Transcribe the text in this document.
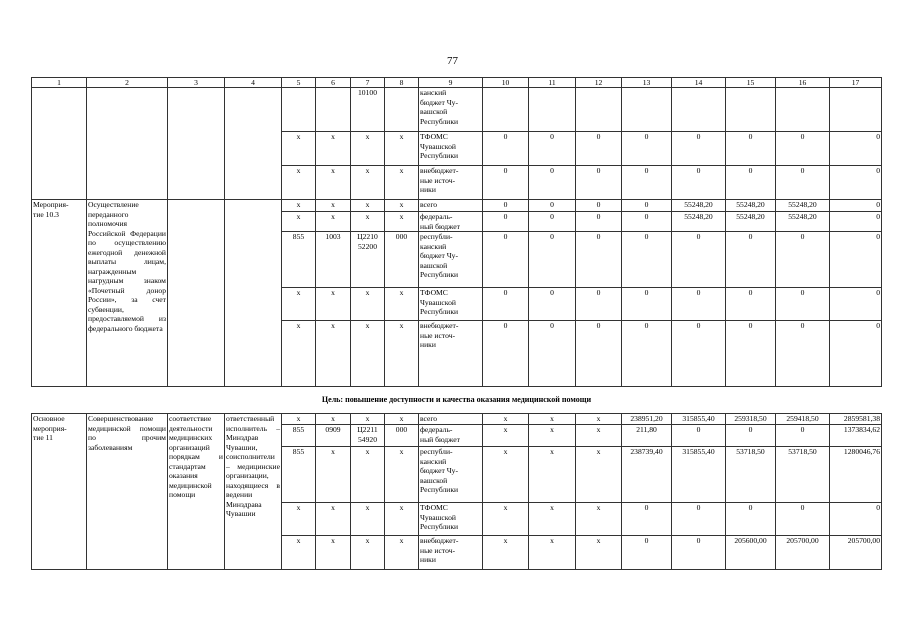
77
1	2	3	4	5	6	7	8	9	10	11	12	13	14	15	16	17
						10100		канский
бюджет Чу-
вашской
Республики								
				x	x	x	x	ТФОМС
Чувашской
Республики	0	0	0	0	0	0	0	0
				x	x	x	x	внебюджет-
ные источ-
ники	0	0	0	0	0	0	0	0
Мероприя-
тие 10.3	Осуществление переданного полномочия Российской Федерации по осуществлению ежегодной денежной выплаты лицам, награжденным нагрудным знаком «Почетный донор России», за счет субвенции, предоставляемой из федерального бюджета			x	x	x	x	всего	0	0	0	0	55248,20	55248,20	55248,20	0
				x	x	x	x	федераль-
ный бюджет	0	0	0	0	55248,20	55248,20	55248,20	0
				855	1003	Ц2210
52200	000	республи-
канский
бюджет Чу-
вашской
Республики	0	0	0	0	0	0	0	0
				x	x	x	x	ТФОМС
Чувашской
Республики	0	0	0	0	0	0	0	0
				x	x	x	x	внебюджет-
ные источ-
ники	0	0	0	0	0	0	0	0
Цель: повышение доступности и качества оказания медицинской помощи																
Основное
мероприя-
тие 11	Совершенствование медицинской помощи по прочим заболеваниям	соответствие деятельности медицинских организаций порядкам и стандартам оказания медицинской помощи	ответственный исполнитель – Минздрав Чувашии, соисполнители – медицинские организации, находящиеся в ведении Минздрава Чувашии	x	x	x	x	всего	x	x	x	238951,20	315855,40	259318,50	259418,50	2859581,38
				855	0909	Ц2211
54920	000	федераль-
ный бюджет	x	x	x	211,80	0	0	0	1373834,62
				855	x	x	x	республи-
канский
бюджет Чу-
вашской
Республики	x	x	x	238739,40	315855,40	53718,50	53718,50	1280046,76
				x	x	x	x	ТФОМС
Чувашской
Республики	x	x	x	0	0	0	0	0
				x	x	x	x	внебюджет-
ные источ-
ники	x	x	x	0	0	205600,00	205700,00	205700,00
